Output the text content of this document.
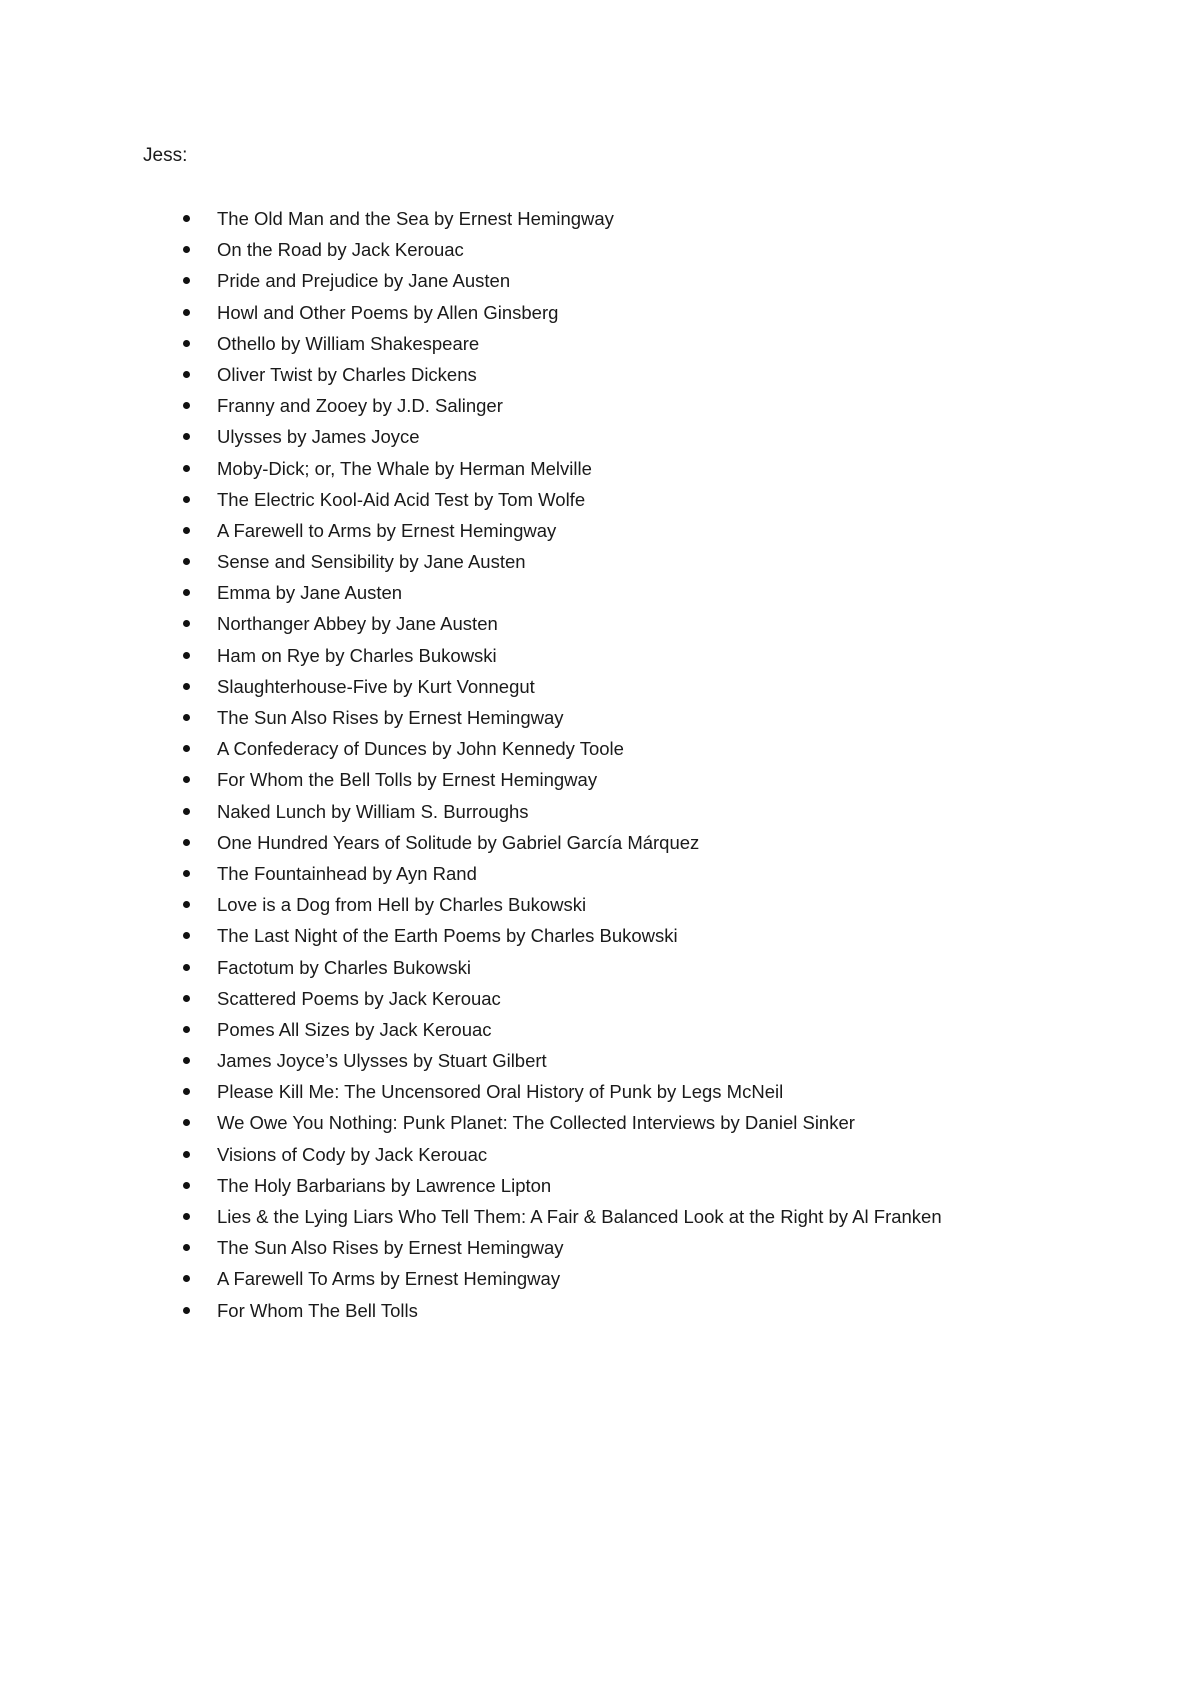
Jess:

The Old Man and the Sea by Ernest Hemingway
On the Road by Jack Kerouac
Pride and Prejudice by Jane Austen
Howl and Other Poems by Allen Ginsberg
Othello by William Shakespeare
Oliver Twist by Charles Dickens
Franny and Zooey by J.D. Salinger
Ulysses by James Joyce
Moby-Dick; or, The Whale by Herman Melville
The Electric Kool-Aid Acid Test by Tom Wolfe
A Farewell to Arms by Ernest Hemingway
Sense and Sensibility by Jane Austen
Emma by Jane Austen
Northanger Abbey by Jane Austen
Ham on Rye by Charles Bukowski
Slaughterhouse-Five by Kurt Vonnegut
The Sun Also Rises by Ernest Hemingway
A Confederacy of Dunces by John Kennedy Toole
For Whom the Bell Tolls by Ernest Hemingway
Naked Lunch by William S. Burroughs
One Hundred Years of Solitude by Gabriel García Márquez
The Fountainhead by Ayn Rand
Love is a Dog from Hell by Charles Bukowski
The Last Night of the Earth Poems by Charles Bukowski
Factotum by Charles Bukowski
Scattered Poems by Jack Kerouac
Pomes All Sizes by Jack Kerouac
James Joyce’s Ulysses by Stuart Gilbert
Please Kill Me: The Uncensored Oral History of Punk by Legs McNeil
We Owe You Nothing: Punk Planet: The Collected Interviews by Daniel Sinker
Visions of Cody by Jack Kerouac
The Holy Barbarians by Lawrence Lipton
Lies & the Lying Liars Who Tell Them: A Fair & Balanced Look at the Right by Al Franken
The Sun Also Rises by Ernest Hemingway
A Farewell To Arms by Ernest Hemingway
For Whom The Bell Tolls
